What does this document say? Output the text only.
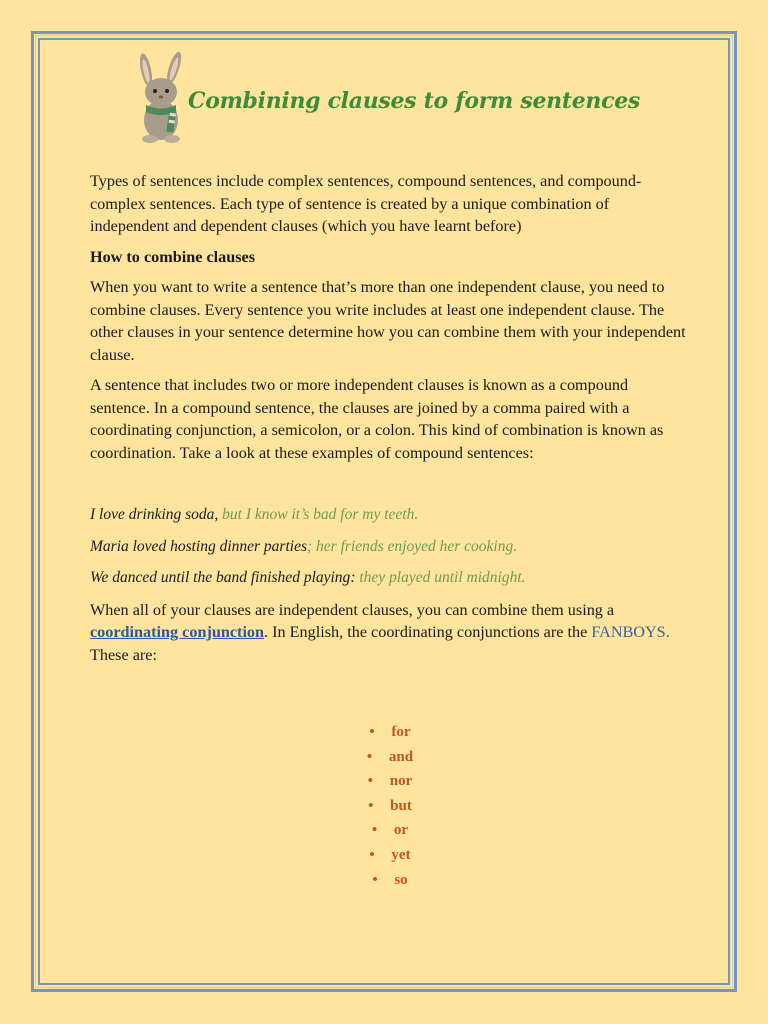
Combining clauses to form sentences

Types of sentences include complex sentences, compound sentences, and compound-complex sentences. Each type of sentence is created by a unique combination of independent and dependent clauses (which you have learnt before)

How to combine clauses

When you want to write a sentence that’s more than one independent clause, you need to combine clauses. Every sentence you write includes at least one independent clause. The other clauses in your sentence determine how you can combine them with your independent clause.

A sentence that includes two or more independent clauses is known as a compound sentence. In a compound sentence, the clauses are joined by a comma paired with a coordinating conjunction, a semicolon, or a colon. This kind of combination is known as coordination. Take a look at these examples of compound sentences:

I love drinking soda, but I know it’s bad for my teeth.

Maria loved hosting dinner parties; her friends enjoyed her cooking.

We danced until the band finished playing: they played until midnight.

When all of your clauses are independent clauses, you can combine them using a coordinating conjunction. In English, the coordinating conjunctions are the FANBOYS. These are:

• for
• and
• nor
• but
• or
• yet
• so
